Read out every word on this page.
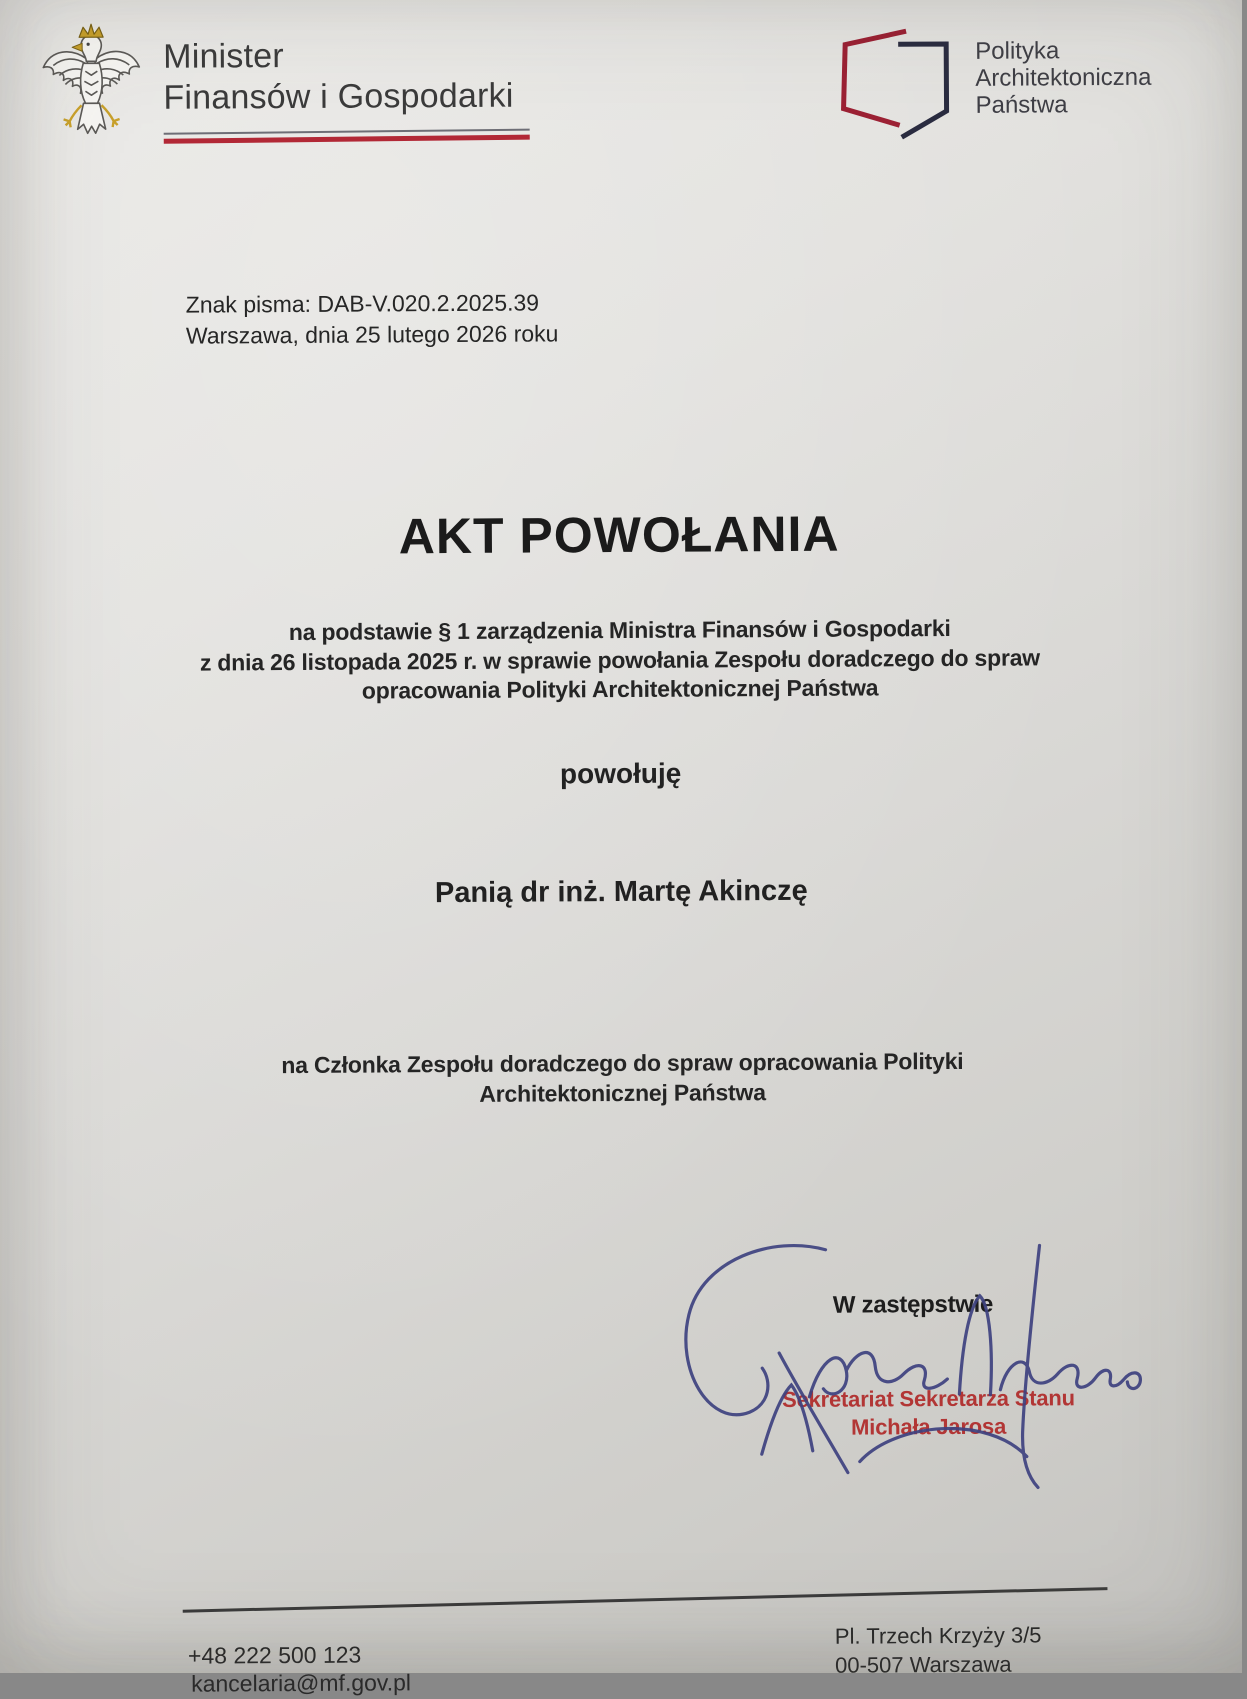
Minister
Finansów i Gospodarki
Polityka
Architektoniczna
Państwa
Znak pisma: DAB-V.020.2.2025.39
Warszawa, dnia 25 lutego 2026 roku
AKT POWOŁANIA
na podstawie § 1 zarządzenia Ministra Finansów i Gospodarki
z dnia 26 listopada 2025 r. w sprawie powołania Zespołu doradczego do spraw
opracowania Polityki Architektonicznej Państwa
powołuję
Panią dr inż. Martę Akinczę
na Członka Zespołu doradczego do spraw opracowania Polityki
Architektonicznej Państwa
W zastępstwie
Sekretariat Sekretarza Stanu
Michała Jarosa
+48 222 500 123
kancelaria@mf.gov.pl
Pl. Trzech Krzyży 3/5
00-507 Warszawa
